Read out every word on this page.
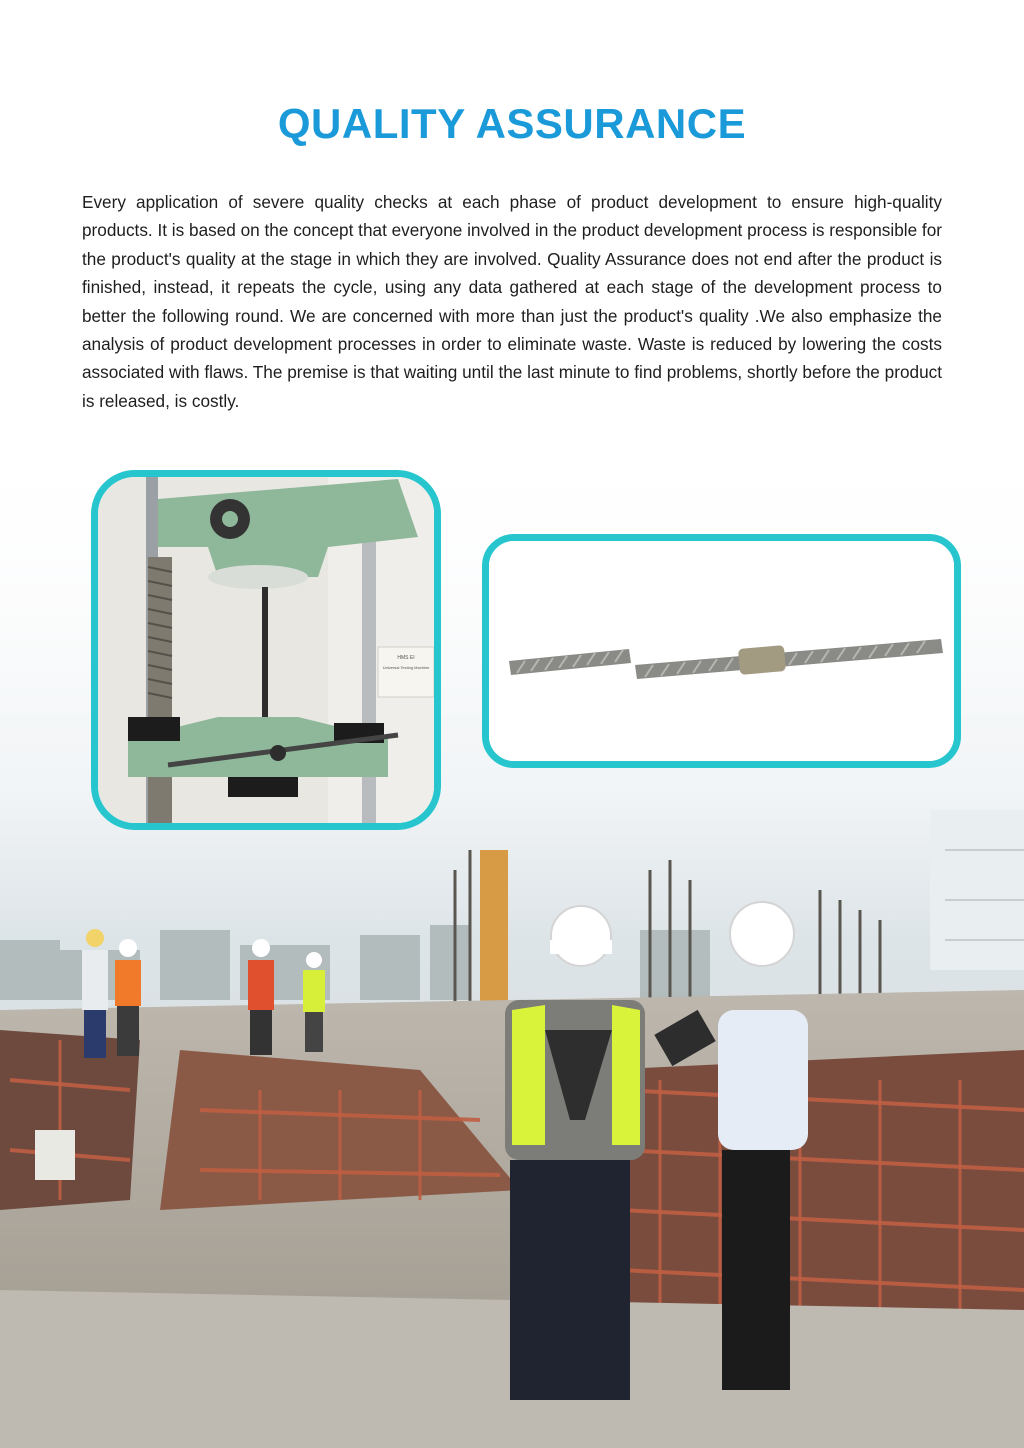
QUALITY ASSURANCE
Every application of severe quality checks at each phase of product development to ensure high-quality products. It is based on the concept that everyone involved in the product development process is responsible for the product's quality at the stage in which they are involved. Quality Assurance does not end after the product is finished, instead, it repeats the cycle, using any data gathered at each stage of the development process to better the following round. We are concerned with more than just the product's quality .We also emphasize the analysis of product development processes in order to eliminate waste. Waste is reduced by lowering the costs associated with flaws. The premise is that waiting until the last minute to find problems, shortly before the product is released, is costly.
HMS EI
Universal Testing Machine
